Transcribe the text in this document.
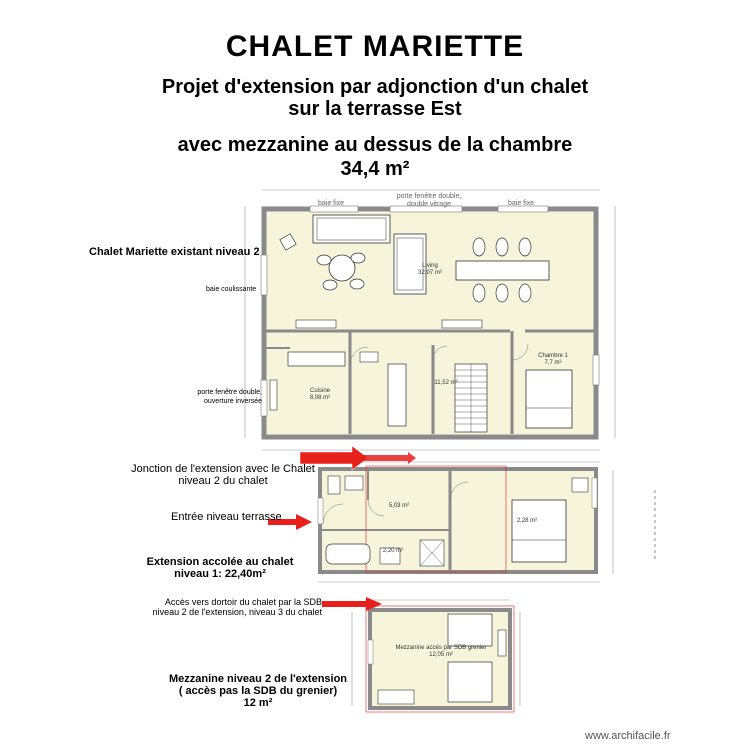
CHALET MARIETTE
Projet d'extension par adjonction d'un chalet
sur la terrasse Est
avec mezzanine au dessus de la chambre
34,4 m²
Chalet Mariette existant niveau 2
baie fixe
porte fenêtre double,
double vitrage	baie fixe
baie coulissante
porte fenêtre double,
ouverture inversée
Living
32,07 m²
Cuisine
8,08 m²
11,52 m²
Chambre 1
7,7 m²
Jonction de l'extension avec le Chalet
niveau 2 du chalet
Entrée niveau terrasse
Extension accolée au chalet
niveau 1: 22,40m²
5,03 m²
2,28 m²
2,20 m²
Accès vers dortoir du chalet par la SDB
niveau 2 de l'extension, niveau 3 du chalet
Mezzanine niveau 2 de l'extension
( accès pas la SDB du grenier)
12 m²
Mezzanine accès par SDB grenier
12,05 m²
www.archifacile.fr
